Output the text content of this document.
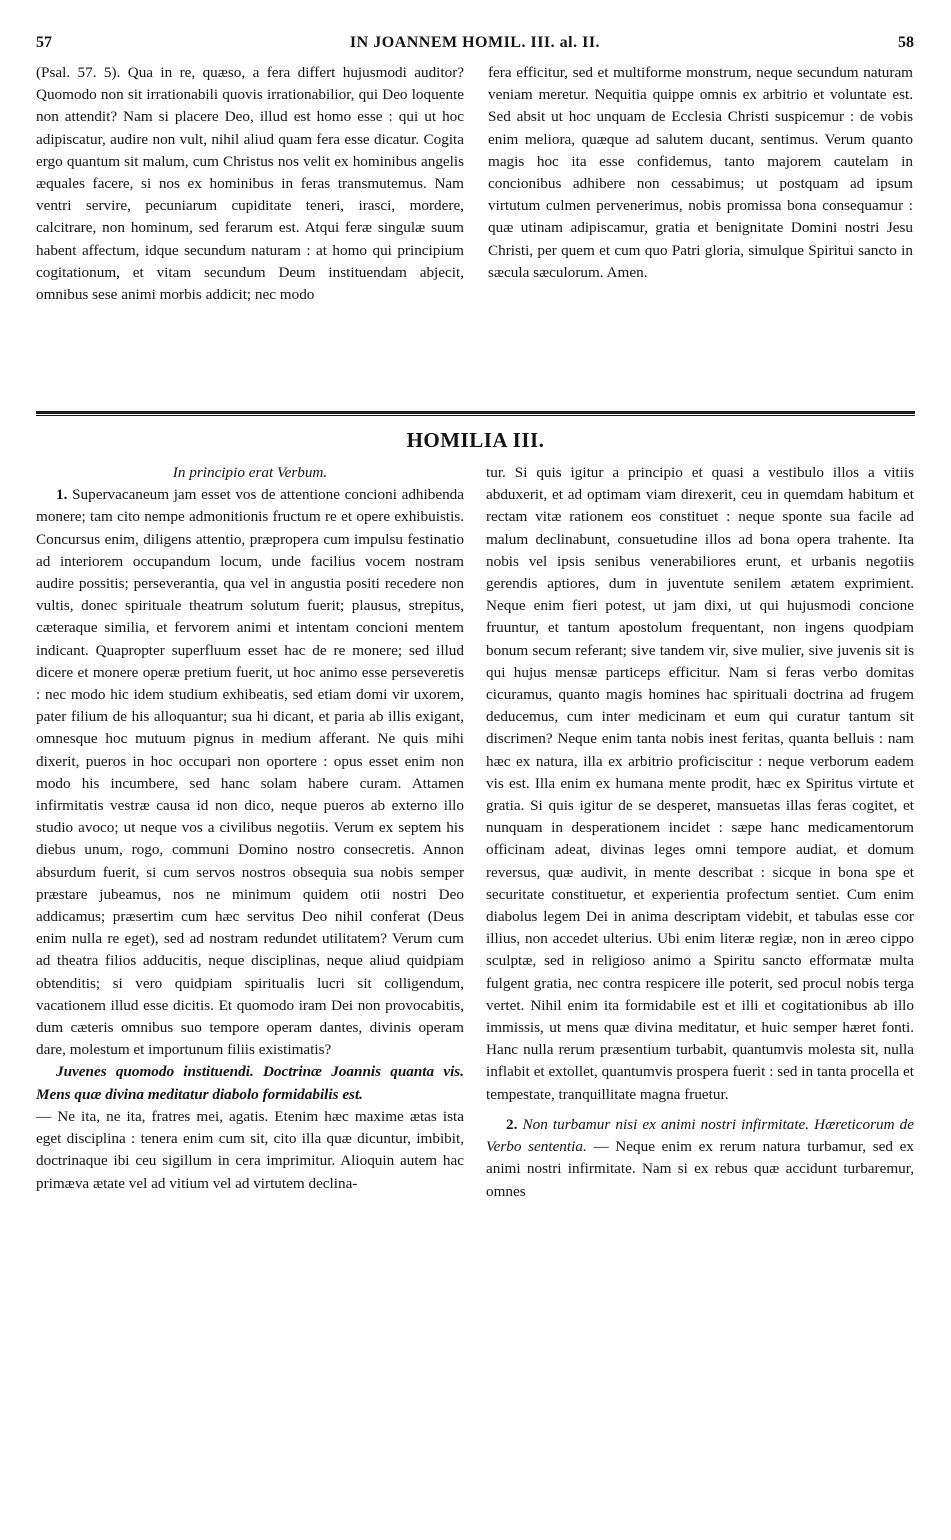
57	IN JOANNEM HOMIL. III. al. II.	58

(Psal. 57. 5). Qua in re, quæso, a fera differt hujusmodi auditor? Quomodo non sit irrationabili quovis irrationabilior, qui Deo loquente non attendit? Nam si placere Deo, illud est homo esse : qui ut hoc adipiscatur, audire non vult, nihil aliud quam fera esse dicatur. Cogita ergo quantum sit malum, cum Christus nos velit ex hominibus angelis æquales facere, si nos ex hominibus in feras transmutemus. Nam ventri servire, pecuniarum cupiditate teneri, irasci, mordere, calcitrare, non hominum, sed ferarum est. Atqui feræ singulæ suum habent affectum, idque secundum naturam : at homo qui principium cogitationum, et vitam secundum Deum instituendam abjecit, omnibus sese animi morbis addicit; nec modo

fera efficitur, sed et multiforme monstrum, neque secundum naturam veniam meretur. Nequitia quippe omnis ex arbitrio et voluntate est. Sed absit ut hoc unquam de Ecclesia Christi suspicemur : de vobis enim meliora, quæque ad salutem ducant, sentimus. Verum quanto magis hoc ita esse confidemus, tanto majorem cautelam in concionibus adhibere non cessabimus; ut postquam ad ipsum virtutum culmen pervenerimus, nobis promissa bona consequamur : quæ utinam adipiscamur, gratia et benignitate Domini nostri Jesu Christi, per quem et cum quo Patri gloria, simulque Spiritui sancto in sæcula sæculorum. Amen.

HOMILIA III.

In principio erat Verbum.

1. Supervacaneum jam esset vos de attentione concioni adhibenda monere; tam cito nempe admonitionis fructum re et opere exhibuistis. Concursus enim, diligens attentio, præpropera cum impulsu festinatio ad interiorem occupandum locum, unde facilius vocem nostram audire possitis; perseverantia, qua vel in angustia positi recedere non vultis, donec spirituale theatrum solutum fuerit; plausus, strepitus, cæteraque similia, et fervorem animi et intentam concioni mentem indicant. Quapropter superfluum esset hac de re monere; sed illud dicere et monere operæ pretium fuerit, ut hoc animo esse perseveretis : nec modo hic idem studium exhibeatis, sed etiam domi vir uxorem, pater filium de his alloquantur; sua hi dicant, et paria ab illis exigant, omnesque hoc mutuum pignus in medium afferant. Ne quis mihi dixerit, pueros in hoc occupari non oportere : opus esset enim non modo his incumbere, sed hanc solam habere curam. Attamen infirmitatis vestræ causa id non dico, neque pueros ab externo illo studio avoco; ut neque vos a civilibus negotiis. Verum ex septem his diebus unum, rogo, communi Domino nostro consecretis. Annon absurdum fuerit, si cum servos nostros obsequia sua nobis semper præstare jubeamus, nos ne minimum quidem otii nostri Deo addicamus; præsertim cum hæc servitus Deo nihil conferat (Deus enim nulla re eget), sed ad nostram redundet utilitatem? Verum cum ad theatra filios adducitis, neque disciplinas, neque aliud quidpiam obtenditis; si vero quidpiam spiritualis lucri sit colligendum, vacationem illud esse dicitis. Et quomodo iram Dei non provocabitis, dum cæteris omnibus suo tempore operam dantes, divinis operam dare, molestum et importunum filiis existimatis?

Juvenes quomodo instituendi. Doctrinæ Joannis quanta vis. Mens quæ divina meditatur diabolo formidabilis est.

— Ne ita, ne ita, fratres mei, agatis. Etenim hæc maxime ætas ista eget disciplina : tenera enim cum sit, cito illa quæ dicuntur, imbibit, doctrinaque ibi ceu sigillum in cera imprimitur. Alioquin autem hac primæva ætate vel ad vitium vel ad virtutem declina-

tur. Si quis igitur a principio et quasi a vestibulo illos a vitiis abduxerit, et ad optimam viam direxerit, ceu in quemdam habitum et rectam vitæ rationem eos constituet : neque sponte sua facile ad malum declinabunt, consuetudine illos ad bona opera trahente. Ita nobis vel ipsis senibus venerabiliores erunt, et urbanis negotiis gerendis aptiores, dum in juventute senilem ætatem exprimient. Neque enim fieri potest, ut jam dixi, ut qui hujusmodi concione fruuntur, et tantum apostolum frequentant, non ingens quodpiam bonum secum referant; sive tandem vir, sive mulier, sive juvenis sit is qui hujus mensæ particeps efficitur. Nam si feras verbo domitas cicuramus, quanto magis homines hac spirituali doctrina ad frugem deducemus, cum inter medicinam et eum qui curatur tantum sit discrimen? Neque enim tanta nobis inest feritas, quanta belluis : nam hæc ex natura, illa ex arbitrio proficiscitur : neque verborum eadem vis est. Illa enim ex humana mente prodit, hæc ex Spiritus virtute et gratia. Si quis igitur de se desperet, mansuetas illas feras cogitet, et nunquam in desperationem incidet : sæpe hanc medicamentorum officinam adeat, divinas leges omni tempore audiat, et domum reversus, quæ audivit, in mente describat : sicque in bona spe et securitate constituetur, et experientia profectum sentiet. Cum enim diabolus legem Dei in anima descriptam videbit, et tabulas esse cor illius, non accedet ulterius. Ubi enim literæ regiæ, non in æreo cippo sculptæ, sed in religioso animo a Spiritu sancto efformatæ multa fulgent gratia, nec contra respicere ille poterit, sed procul nobis terga vertet. Nihil enim ita formidabile est et illi et cogitationibus ab illo immissis, ut mens quæ divina meditatur, et huic semper hæret fonti. Hanc nulla rerum præsentium turbabit, quantumvis molesta sit, nulla inflabit et extollet, quantumvis prospera fuerit : sed in tanta procella et tempestate, tranquillitate magna fruetur.

2. Non turbamur nisi ex animi nostri infirmitate. Hæreticorum de Verbo sententia. — Neque enim ex rerum natura turbamur, sed ex animi nostri infirmitate. Nam si ex rebus quæ accidunt turbaremur, omnes
